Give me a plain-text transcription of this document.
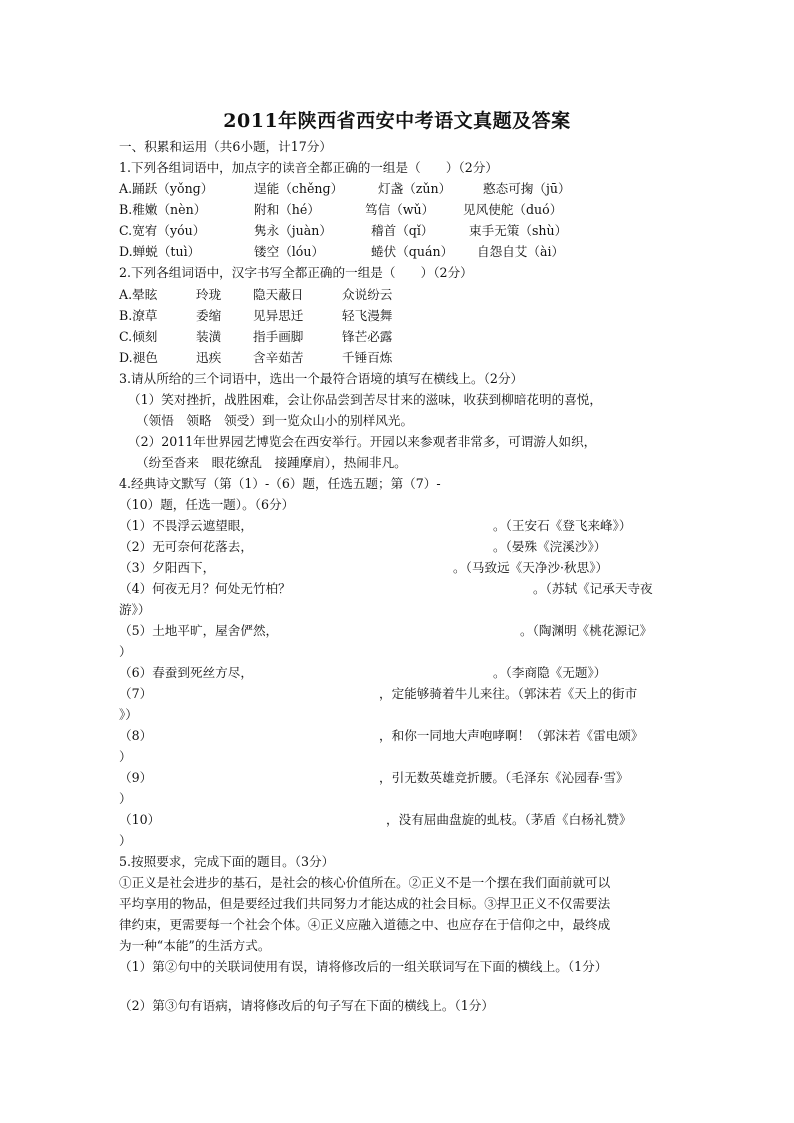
2011年陕西省西安中考语文真题及答案
一、积累和运用（共6小题，计17分）
1.下列各组词语中，加点字的读音全都正确的一组是（　　）（2分）
A.踊跃（yǒnɡ）	逞能（chěnɡ）	灯盏（zǔn）	憨态可掬（jū）
B.稚嫩（nèn）	附和（hé）	笃信（wǔ） 见风使舵（duó）
C.宽宥（yóu）	隽永（juàn）	稽首（qǐ）	束手无策（shù）
D.蝉蜕（tuì）	镂空（lóu）	蜷伏（quán） 自怨自艾（ài）
2.下列各组词语中，汉字书写全都正确的一组是（　　）（2分）
A.晕眩	玲珑	隐天蔽日	众说纷云
B.潦草	委缩	见异思迁	轻飞漫舞
C.倾刻	装潢	指手画脚	锋芒必露
D.褪色	迅疾	含辛茹苦	千锤百炼
3.请从所给的三个词语中，选出一个最符合语境的填写在横线上。（2分）
（1）笑对挫折，战胜困难，会让你品尝到苦尽甘来的滋味，收获到柳暗花明的喜悦，
（领悟　领略　领受）到一览众山小的别样风光。
（2）2011年世界园艺博览会在西安举行。开园以来参观者非常多，可谓游人如织，
（纷至沓来　眼花缭乱　接踵摩肩），热闹非凡。
4.经典诗文默写（第（1）-（6）题，任选五题；第（7）-
（10）题，任选一题）。（6分）
（1）不畏浮云遮望眼，	。（王安石《登飞来峰》）
（2）无可奈何花落去，	。（晏殊《浣溪沙》）
（3）夕阳西下，	。（马致远《天净沙·秋思》）
（4）何夜无月？何处无竹柏？	。（苏轼《记承天寺夜
游》）
（5）土地平旷，屋舍俨然，	。（陶渊明《桃花源记》
）
（6）春蚕到死丝方尽，	。（李商隐《无题》）
（7）	，定能够骑着牛儿来往。（郭沫若《天上的街市
》）
（8）	，和你一同地大声咆哮啊！（郭沫若《雷电颂》
）
（9）	，引无数英雄竞折腰。（毛泽东《沁园春·雪》
）
（10）	，没有屈曲盘旋的虬枝。（茅盾《白杨礼赞》
）
5.按照要求，完成下面的题目。（3分）
①正义是社会进步的基石，是社会的核心价值所在。②正义不是一个摆在我们面前就可以
平均享用的物品，但是要经过我们共同努力才能达成的社会目标。③捍卫正义不仅需要法
律约束，更需要每一个社会个体。④正义应融入道德之中、也应存在于信仰之中，最终成
为一种“本能”的生活方式。
（1）第②句中的关联词使用有误，请将修改后的一组关联词写在下面的横线上。（1分）
（2）第③句有语病，请将修改后的句子写在下面的横线上。（1分）
